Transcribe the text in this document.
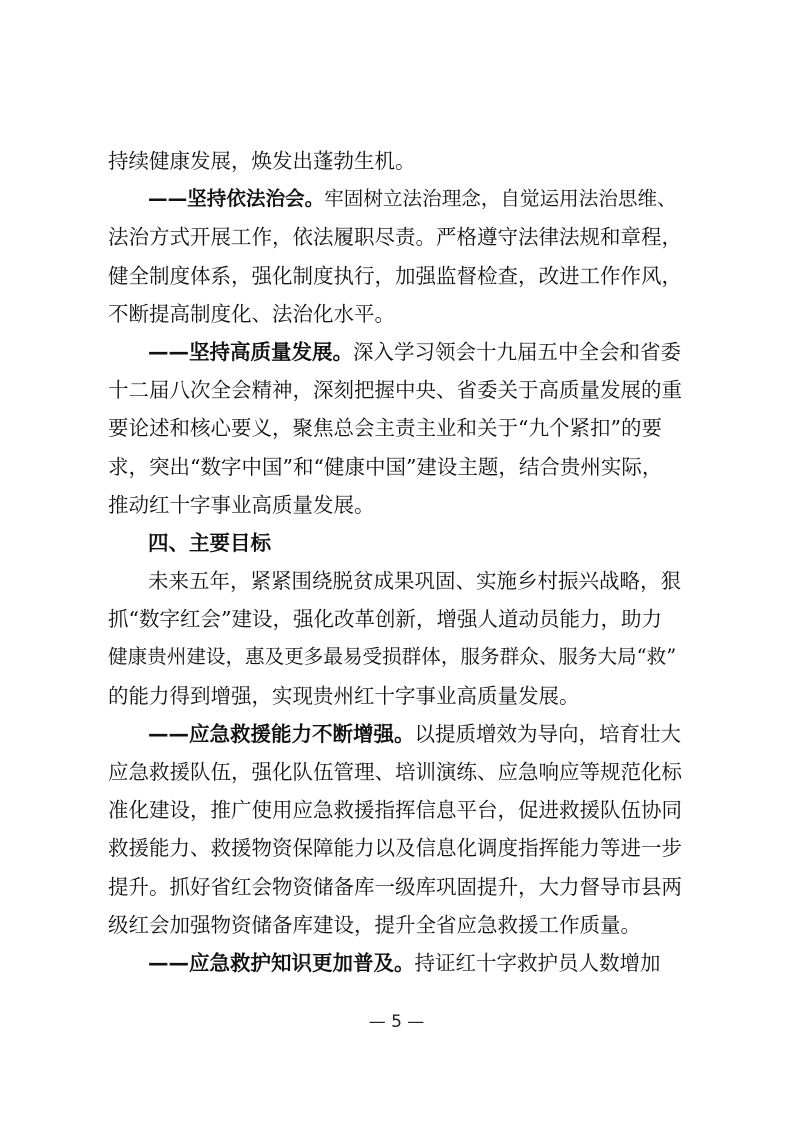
持续健康发展，焕发出蓬勃生机。
——坚持依法治会。牢固树立法治理念，自觉运用法治思维、
法治方式开展工作，依法履职尽责。严格遵守法律法规和章程，
健全制度体系，强化制度执行，加强监督检查，改进工作作风，
不断提高制度化、法治化水平。
——坚持高质量发展。深入学习领会十九届五中全会和省委
十二届八次全会精神，深刻把握中央、省委关于高质量发展的重
要论述和核心要义，聚焦总会主责主业和关于“九个紧扣”的要
求，突出“数字中国”和“健康中国”建设主题，结合贵州实际，
推动红十字事业高质量发展。
四、主要目标
未来五年，紧紧围绕脱贫成果巩固、实施乡村振兴战略，狠
抓“数字红会”建设，强化改革创新，增强人道动员能力，助力
健康贵州建设，惠及更多最易受损群体，服务群众、服务大局“救”
的能力得到增强，实现贵州红十字事业高质量发展。
——应急救援能力不断增强。以提质增效为导向，培育壮大
应急救援队伍，强化队伍管理、培训演练、应急响应等规范化标
准化建设，推广使用应急救援指挥信息平台，促进救援队伍协同
救援能力、救援物资保障能力以及信息化调度指挥能力等进一步
提升。抓好省红会物资储备库一级库巩固提升，大力督导市县两
级红会加强物资储备库建设，提升全省应急救援工作质量。
——应急救护知识更加普及。持证红十字救护员人数增加
— 5 —
